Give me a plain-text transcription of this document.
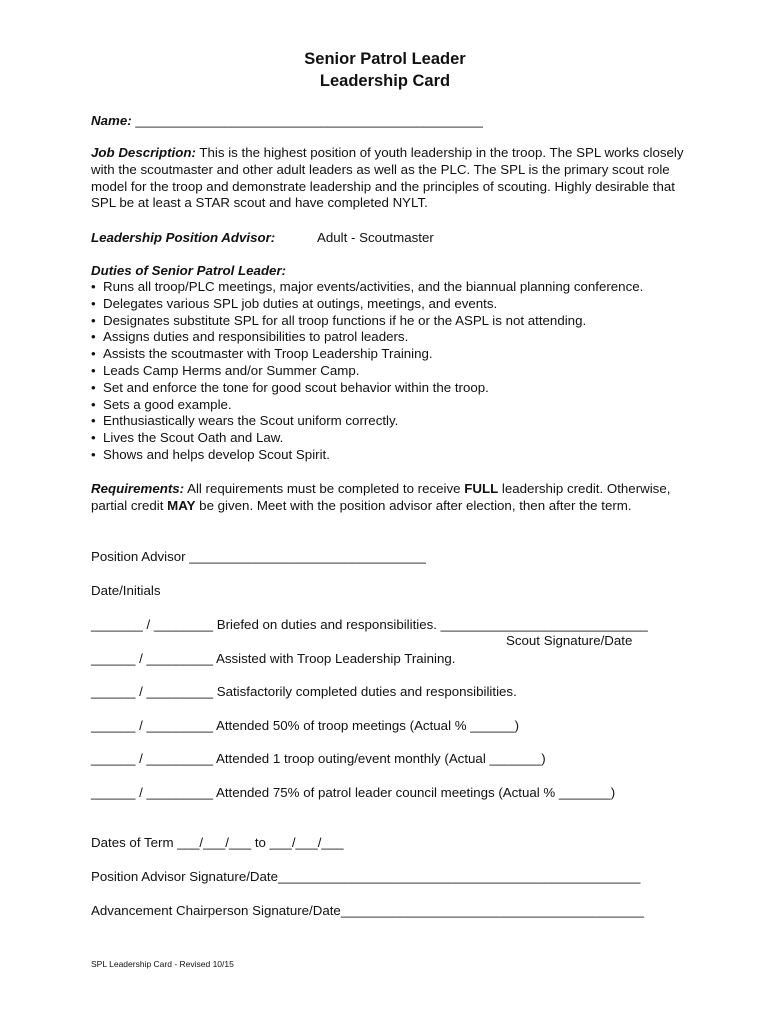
Senior Patrol Leader
Leadership Card
Name: _______________________________________________
Job Description: This is the highest position of youth leadership in the troop. The SPL works closely with the scoutmaster and other adult leaders as well as the PLC. The SPL is the primary scout role model for the troop and demonstrate leadership and the principles of scouting. Highly desirable that SPL be at least a STAR scout and have completed NYLT.
Leadership Position Advisor:	Adult - Scoutmaster
Duties of Senior Patrol Leader:
• Runs all troop/PLC meetings, major events/activities, and the biannual planning conference.
• Delegates various SPL job duties at outings, meetings, and events.
• Designates substitute SPL for all troop functions if he or the ASPL is not attending.
• Assigns duties and responsibilities to patrol leaders.
• Assists the scoutmaster with Troop Leadership Training.
• Leads Camp Herms and/or Summer Camp.
• Set and enforce the tone for good scout behavior within the troop.
• Sets a good example.
• Enthusiastically wears the Scout uniform correctly.
• Lives the Scout Oath and Law.
• Shows and helps develop Scout Spirit.
Requirements: All requirements must be completed to receive FULL leadership credit. Otherwise, partial credit MAY be given. Meet with the position advisor after election, then after the term.
Position Advisor ________________________________
Date/Initials
_______ / ________ Briefed on duties and responsibilities. ____________________________
Scout Signature/Date
______ / _________ Assisted with Troop Leadership Training.
______ / _________ Satisfactorily completed duties and responsibilities.
______ / _________ Attended 50% of troop meetings (Actual % ______)
______ / _________ Attended 1 troop outing/event monthly (Actual _______)
______ / _________ Attended 75% of patrol leader council meetings (Actual % _______)
Dates of Term ___/___/___ to ___/___/___
Position Advisor Signature/Date_________________________________________________
Advancement Chairperson Signature/Date_________________________________________
SPL Leadership Card - Revised 10/15
